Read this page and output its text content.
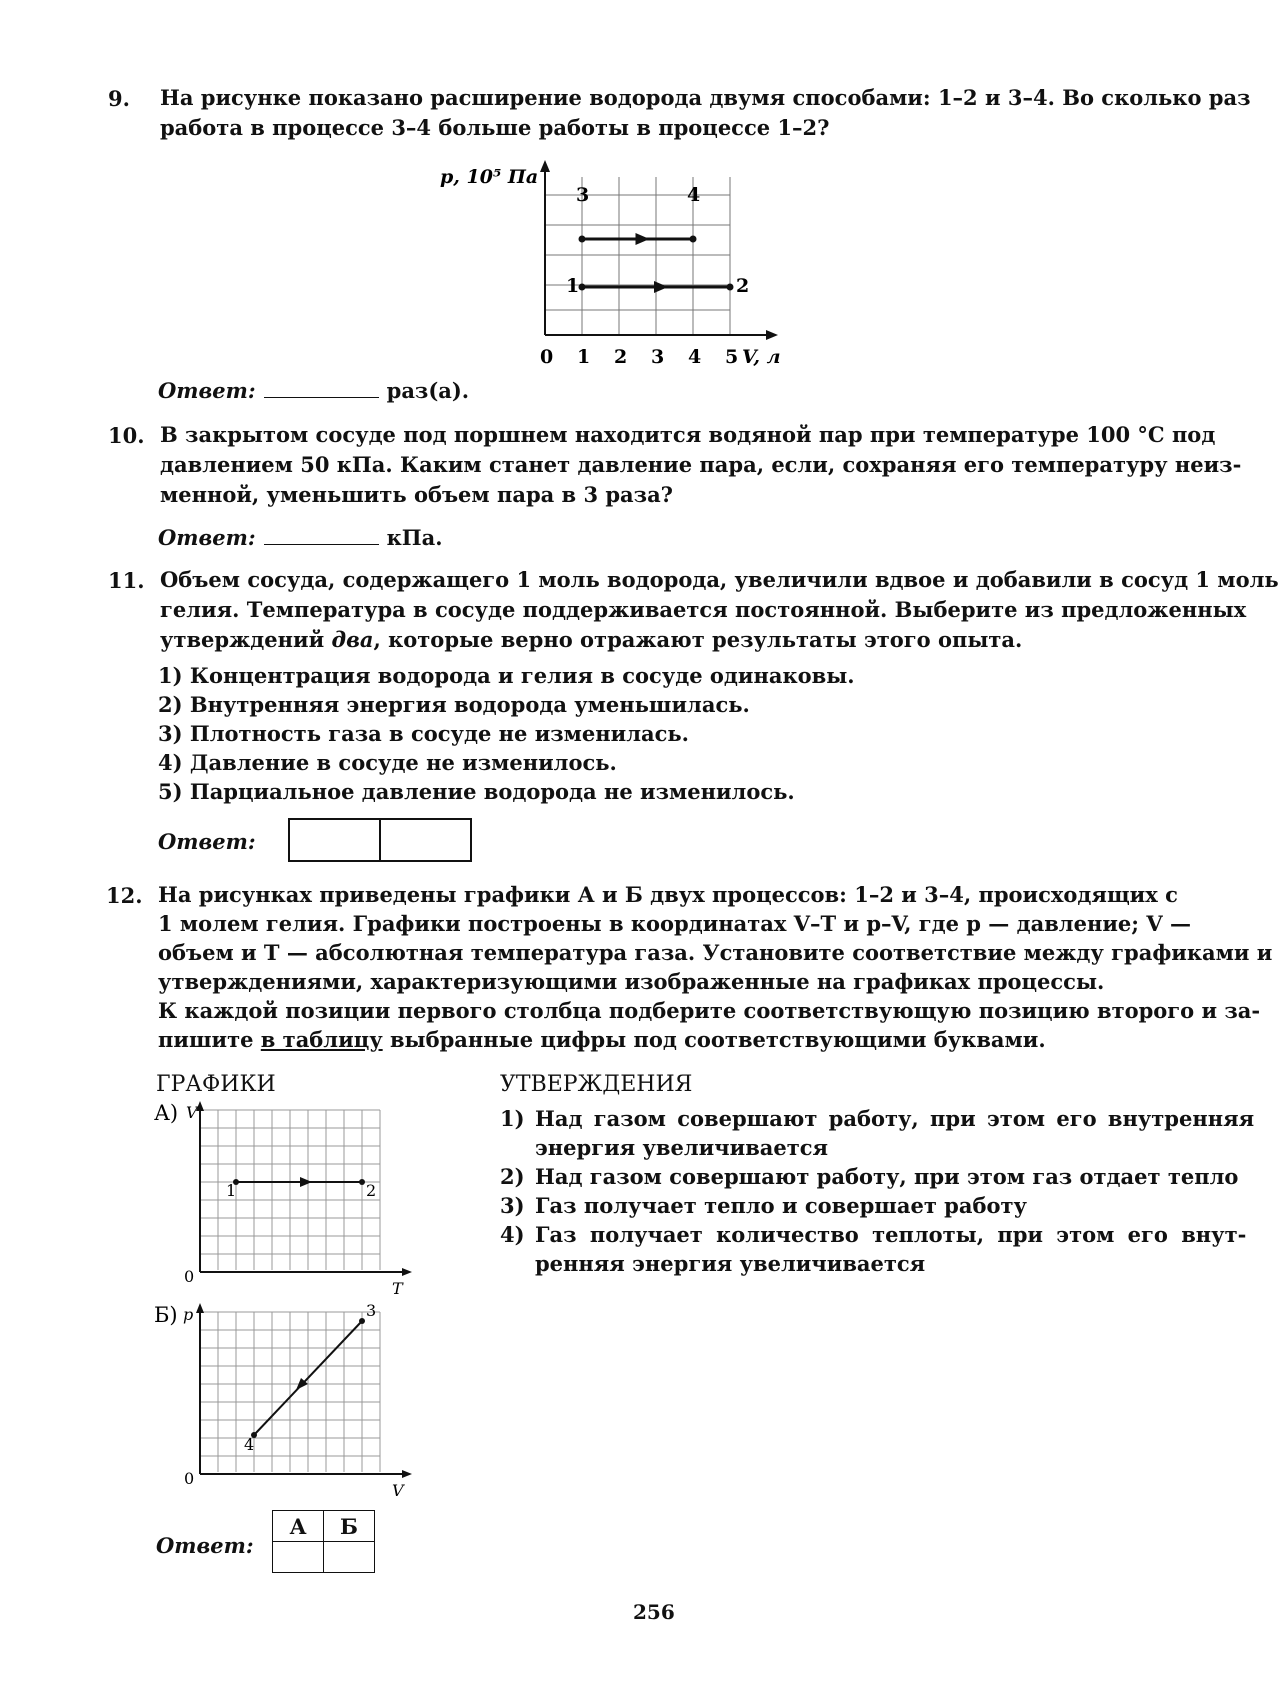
9. На рисунке показано расширение водорода двумя способами: 1–2 и 3–4. Во сколько раз
работа в процессе 3–4 больше работы в процессе 1–2?
p, 10⁵ Па
V, л
0 1 2 3 4 5
1	2
3	4
Ответ:	раз(а).
10. В закрытом сосуде под поршнем находится водяной пар при температуре 100 °С под
давлением 50 кПа. Каким станет давление пара, если, сохраняя его температуру неиз-
менной, уменьшить объем пара в 3 раза?
Ответ:	кПа.
11. Объем сосуда, содержащего 1 моль водорода, увеличили вдвое и добавили в сосуд 1 моль
гелия. Температура в сосуде поддерживается постоянной. Выберите из предложенных
утверждений два, которые верно отражают результаты этого опыта.
1) Концентрация водорода и гелия в сосуде одинаковы.
2) Внутренняя энергия водорода уменьшилась.
3) Плотность газа в сосуде не изменилась.
4) Давление в сосуде не изменилось.
5) Парциальное давление водорода не изменилось.
Ответ:
12. На рисунках приведены графики А и Б двух процессов: 1–2 и 3–4, происходящих с
1 молем гелия. Графики построены в координатах V–T и p–V, где p — давление; V —
объем и T — абсолютная температура газа. Установите соответствие между графиками и
утверждениями, характеризующими изображенные на графиках процессы.
К каждой позиции первого столбца подберите соответствующую позицию второго и за-
пишите в таблицу выбранные цифры под соответствующими буквами.
ГРАФИКИ	УТВЕРЖДЕНИЯ
А) V
T
0
1	2
Б) p
V
0
3
4
1) Над газом совершают работу, при этом его внутренняя
энергия увеличивается
2) Над газом совершают работу, при этом газ отдает тепло
3) Газ получает тепло и совершает работу
4) Газ получает количество теплоты, при этом его внут-
ренняя энергия увеличивается
Ответ:
А	Б

256
